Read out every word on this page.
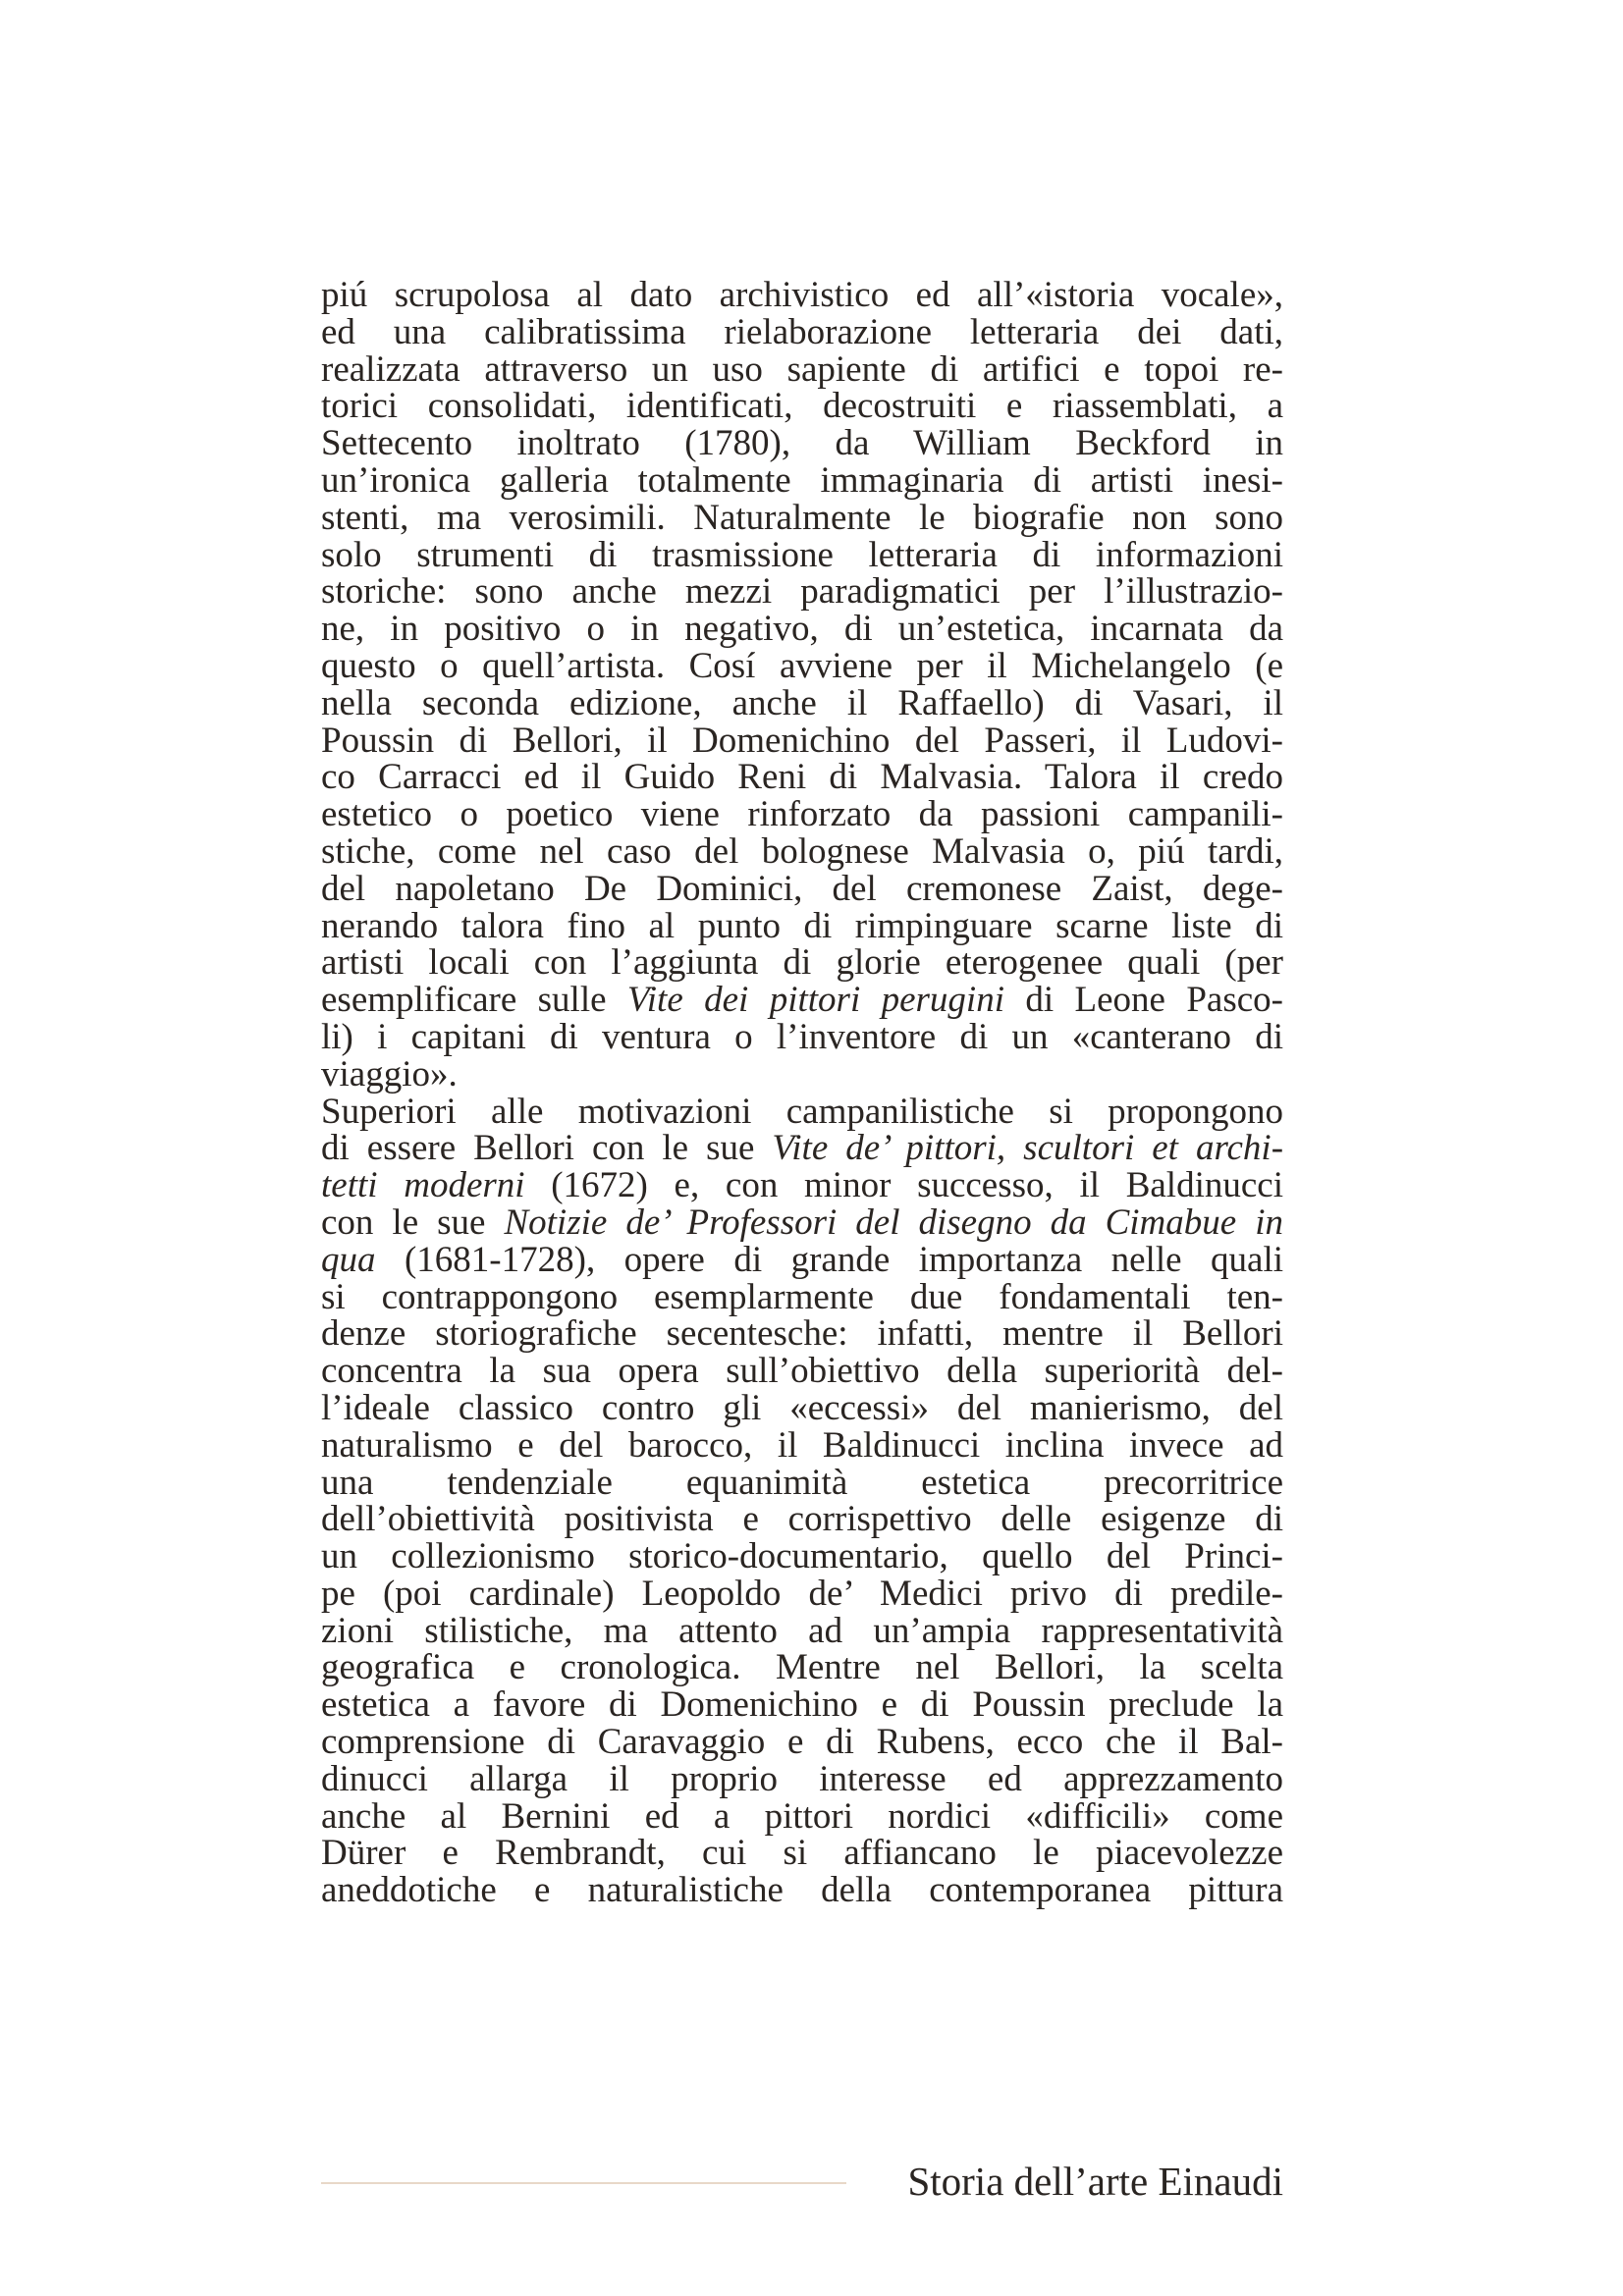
piú scrupolosa al dato archivistico ed all’«istoria vocale»,
ed una calibratissima rielaborazione letteraria dei dati,
realizzata attraverso un uso sapiente di artifici e topoi re-
torici consolidati, identificati, decostruiti e riassemblati, a
Settecento inoltrato (1780), da William Beckford in
un’ironica galleria totalmente immaginaria di artisti inesi-
stenti, ma verosimili. Naturalmente le biografie non sono
solo strumenti di trasmissione letteraria di informazioni
storiche: sono anche mezzi paradigmatici per l’illustrazio-
ne, in positivo o in negativo, di un’estetica, incarnata da
questo o quell’artista. Cosí avviene per il Michelangelo (e
nella seconda edizione, anche il Raffaello) di Vasari, il
Poussin di Bellori, il Domenichino del Passeri, il Ludovi-
co Carracci ed il Guido Reni di Malvasia. Talora il credo
estetico o poetico viene rinforzato da passioni campanili-
stiche, come nel caso del bolognese Malvasia o, piú tardi,
del napoletano De Dominici, del cremonese Zaist, dege-
nerando talora fino al punto di rimpinguare scarne liste di
artisti locali con l’aggiunta di glorie eterogenee quali (per
esemplificare sulle Vite dei pittori perugini di Leone Pasco-
li) i capitani di ventura o l’inventore di un «canterano di
viaggio».
Superiori alle motivazioni campanilistiche si propongono
di essere Bellori con le sue Vite de’ pittori, scultori et archi-
tetti moderni (1672) e, con minor successo, il Baldinucci
con le sue Notizie de’ Professori del disegno da Cimabue in
qua (1681-1728), opere di grande importanza nelle quali
si contrappongono esemplarmente due fondamentali ten-
denze storiografiche secentesche: infatti, mentre il Bellori
concentra la sua opera sull’obiettivo della superiorità del-
l’ideale classico contro gli «eccessi» del manierismo, del
naturalismo e del barocco, il Baldinucci inclina invece ad
una tendenziale equanimità estetica precorritrice
dell’obiettività positivista e corrispettivo delle esigenze di
un collezionismo storico-documentario, quello del Princi-
pe (poi cardinale) Leopoldo de’ Medici privo di predile-
zioni stilistiche, ma attento ad un’ampia rappresentatività
geografica e cronologica. Mentre nel Bellori, la scelta
estetica a favore di Domenichino e di Poussin preclude la
comprensione di Caravaggio e di Rubens, ecco che il Bal-
dinucci allarga il proprio interesse ed apprezzamento
anche al Bernini ed a pittori nordici «difficili» come
Dürer e Rembrandt, cui si affiancano le piacevolezze
aneddotiche e naturalistiche della contemporanea pittura
Storia dell’arte Einaudi
